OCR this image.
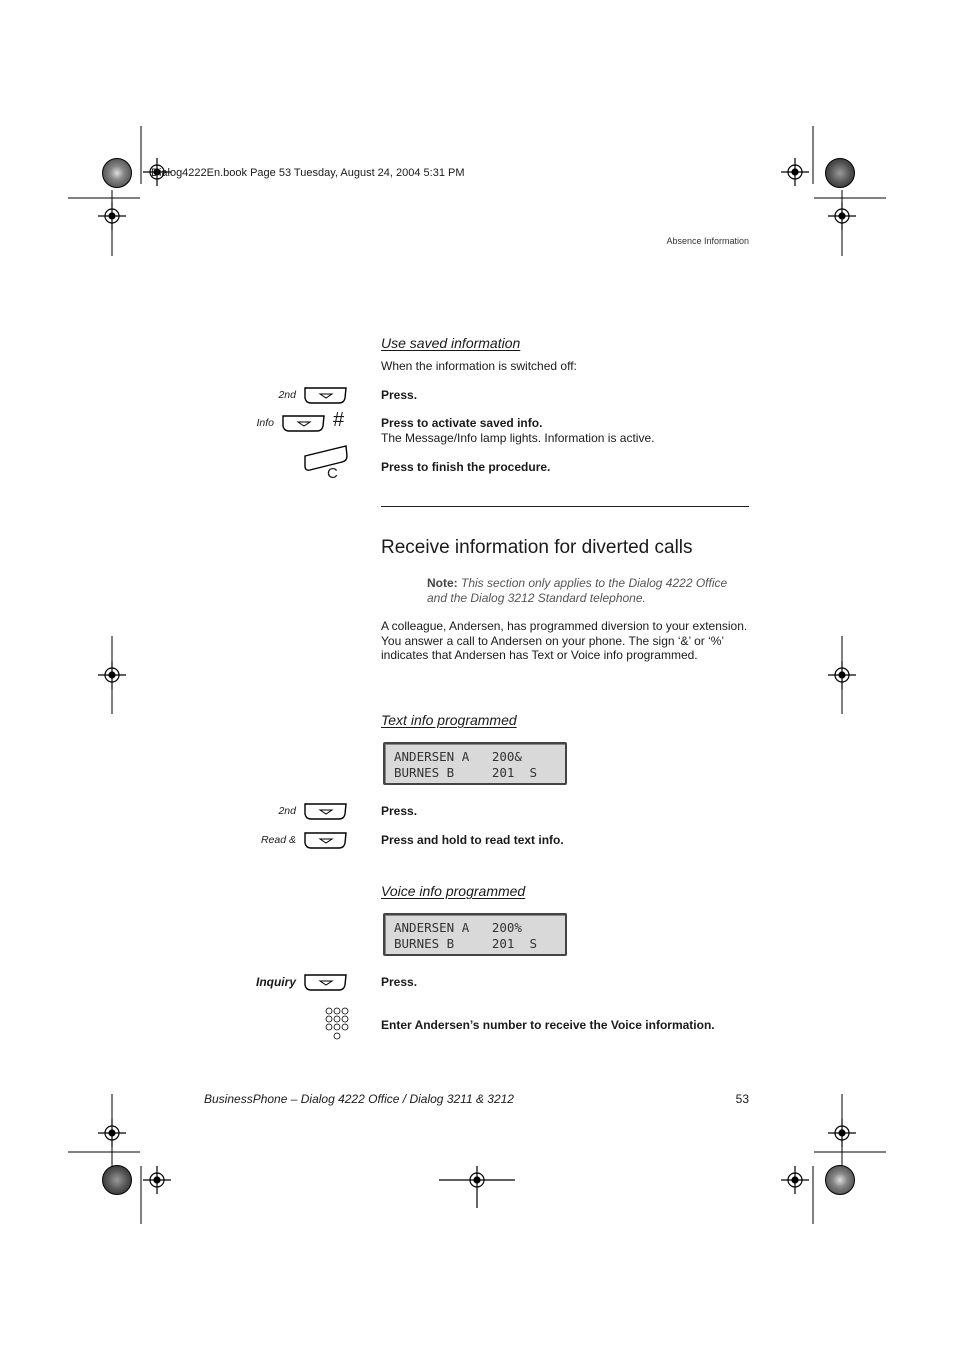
Dialog4222En.book Page 53 Tuesday, August 24, 2004 5:31 PM
Absence Information
Use saved information
When the information is switched off:
2nd	Press.
Info	#	Press to activate saved info.
The Message/Info lamp lights. Information is active.
C	Press to finish the procedure.
Receive information for diverted calls
Note: This section only applies to the Dialog 4222 Office and the Dialog 3212 Standard telephone.
A colleague, Andersen, has programmed diversion to your extension. You answer a call to Andersen on your phone. The sign ‘&’ or ‘%’ indicates that Andersen has Text or Voice info programmed.
Text info programmed
ANDERSEN A   200&
BURNES B     201  S
2nd	Press.
Read &	Press and hold to read text info.
Voice info programmed
ANDERSEN A   200%
BURNES B     201  S
Inquiry	Press.
Enter Andersen’s number to receive the Voice information.
BusinessPhone – Dialog 4222 Office / Dialog 3211 & 3212	53
